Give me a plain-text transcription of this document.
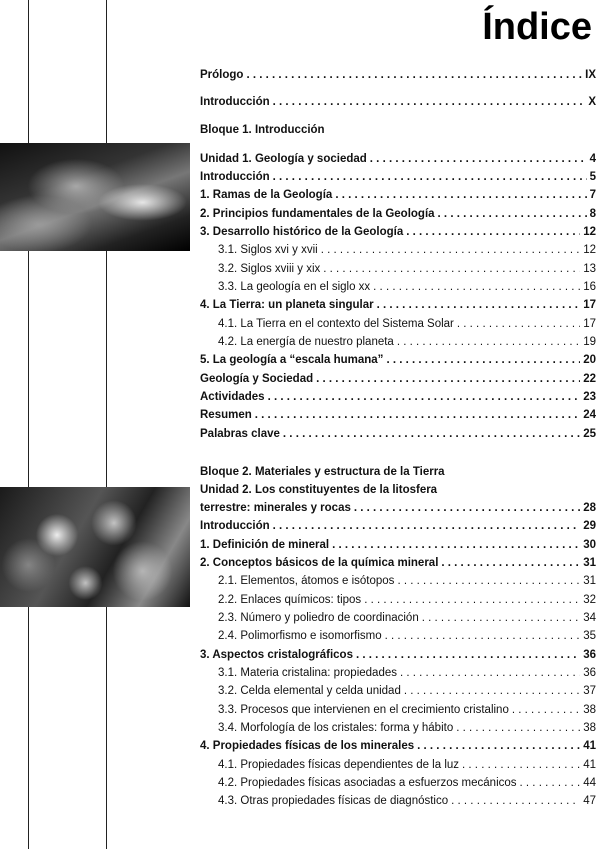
Índice
Bloque 1. Introducción
Bloque 2. Materiales y estructura de la Tierra
Unidad 2. Los constituyentes de la litosfera
Prólogo . . .	IX
Introducción . . .	X
Unidad 1. Geología y sociedad . . .	4
Introducción . . .	5
1. Ramas de la Geología . . .	7
2. Principios fundamentales de la Geología . . .	8
3. Desarrollo histórico de la Geología . . .	12
3.1. Siglos xvi y xvii . . .	12
3.2. Siglos xviii y xix . . .	13
3.3. La geología en el siglo xx . . .	16
4. La Tierra: un planeta singular . . .	17
4.1. La Tierra en el contexto del Sistema Solar . . .	17
4.2. La energía de nuestro planeta . . .	19
5. La geología a “escala humana” . . .	20
Geología y Sociedad . . .	22
Actividades . . .	23
Resumen . . .	24
Palabras clave . . .	25
terrestre: minerales y rocas . . .	28
Introducción . . .	29
1. Definición de mineral . . .	30
2. Conceptos básicos de la química mineral . . .	31
2.1. Elementos, átomos e isótopos . . .	31
2.2. Enlaces químicos: tipos . . .	32
2.3. Número y poliedro de coordinación . . .	34
2.4. Polimorfismo e isomorfismo . . .	35
3. Aspectos cristalográficos . . .	36
3.1. Materia cristalina: propiedades . . .	36
3.2. Celda elemental y celda unidad . . .	37
3.3. Procesos que intervienen en el crecimiento cristalino . . .	38
3.4. Morfología de los cristales: forma y hábito . . .	38
4. Propiedades físicas de los minerales . . .	41
4.1. Propiedades físicas dependientes de la luz . . .	41
4.2. Propiedades físicas asociadas a esfuerzos mecánicos . . .	44
4.3. Otras propiedades físicas de diagnóstico . . .	47
